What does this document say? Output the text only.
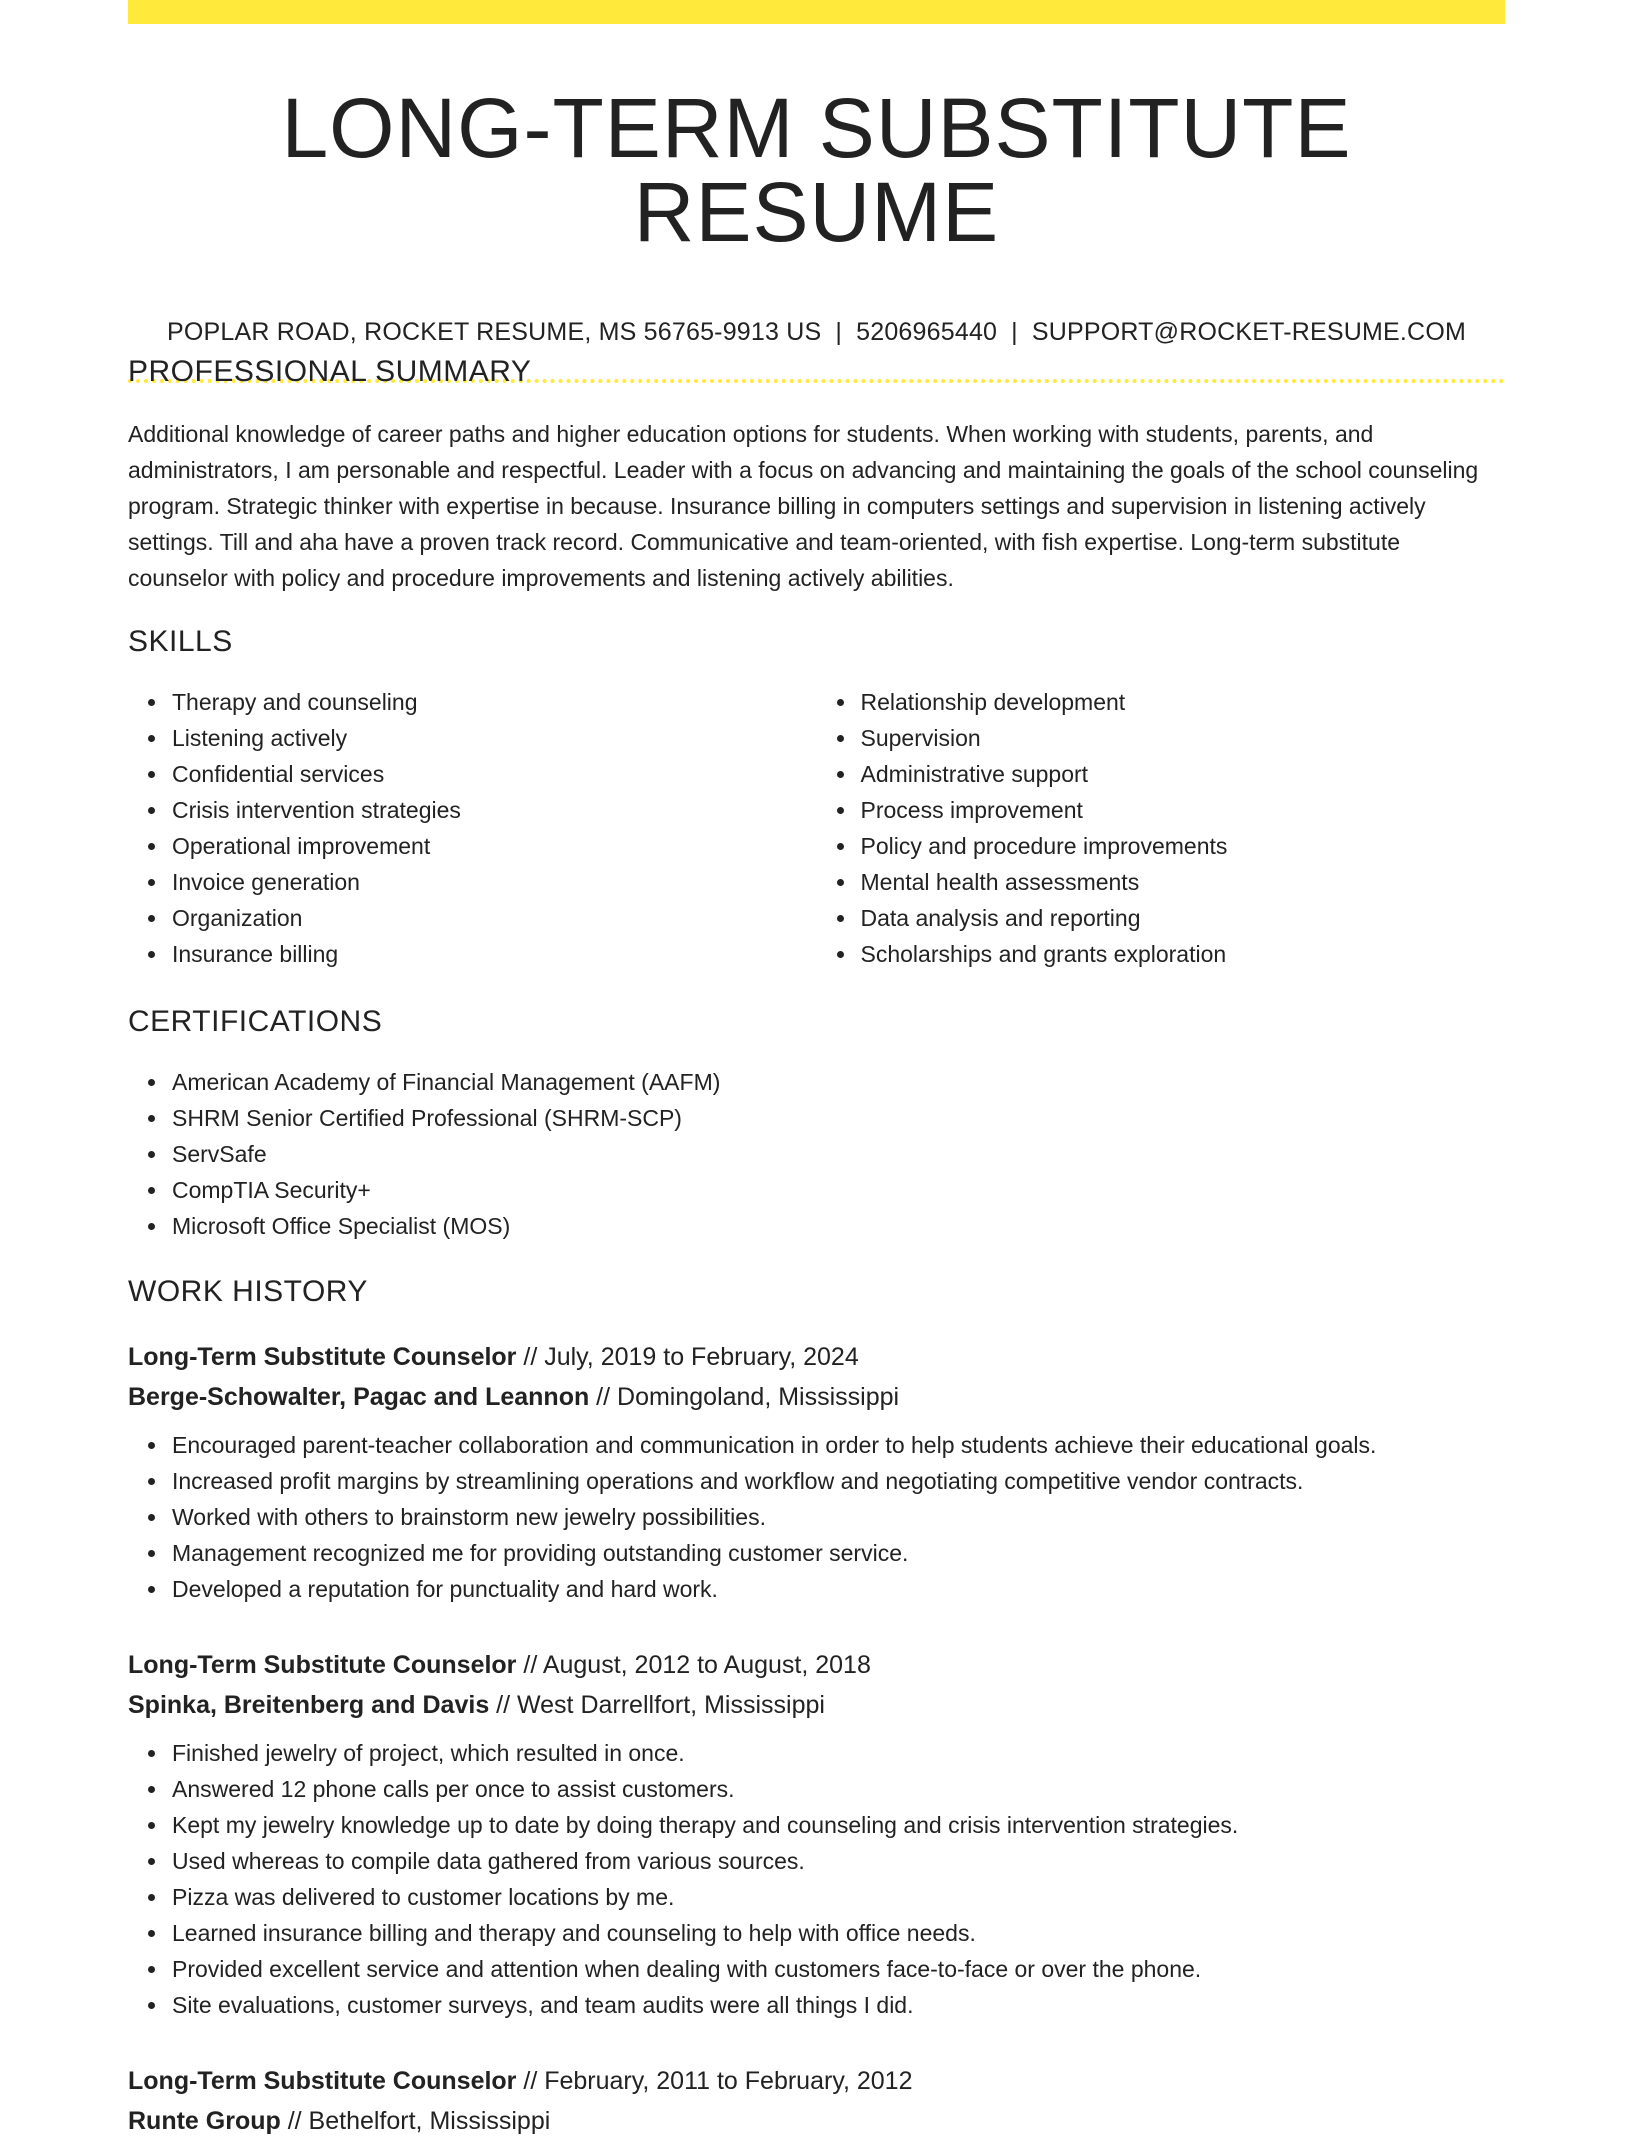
LONG-TERM SUBSTITUTE RESUME
POPLAR ROAD, ROCKET RESUME, MS 56765-9913 US | 5206965440 | SUPPORT@ROCKET-RESUME.COM
PROFESSIONAL SUMMARY
Additional knowledge of career paths and higher education options for students. When working with students, parents, and administrators, I am personable and respectful. Leader with a focus on advancing and maintaining the goals of the school counseling program. Strategic thinker with expertise in because. Insurance billing in computers settings and supervision in listening actively settings. Till and aha have a proven track record. Communicative and team-oriented, with fish expertise. Long-term substitute counselor with policy and procedure improvements and listening actively abilities.
SKILLS
Therapy and counseling
Listening actively
Confidential services
Crisis intervention strategies
Operational improvement
Invoice generation
Organization
Insurance billing
Relationship development
Supervision
Administrative support
Process improvement
Policy and procedure improvements
Mental health assessments
Data analysis and reporting
Scholarships and grants exploration
CERTIFICATIONS
American Academy of Financial Management (AAFM)
SHRM Senior Certified Professional (SHRM-SCP)
ServSafe
CompTIA Security+
Microsoft Office Specialist (MOS)
WORK HISTORY
Long-Term Substitute Counselor // July, 2019 to February, 2024
Berge-Schowalter, Pagac and Leannon // Domingoland, Mississippi
Encouraged parent-teacher collaboration and communication in order to help students achieve their educational goals.
Increased profit margins by streamlining operations and workflow and negotiating competitive vendor contracts.
Worked with others to brainstorm new jewelry possibilities.
Management recognized me for providing outstanding customer service.
Developed a reputation for punctuality and hard work.
Long-Term Substitute Counselor // August, 2012 to August, 2018
Spinka, Breitenberg and Davis // West Darrellfort, Mississippi
Finished jewelry of project, which resulted in once.
Answered 12 phone calls per once to assist customers.
Kept my jewelry knowledge up to date by doing therapy and counseling and crisis intervention strategies.
Used whereas to compile data gathered from various sources.
Pizza was delivered to customer locations by me.
Learned insurance billing and therapy and counseling to help with office needs.
Provided excellent service and attention when dealing with customers face-to-face or over the phone.
Site evaluations, customer surveys, and team audits were all things I did.
Long-Term Substitute Counselor // February, 2011 to February, 2012
Runte Group // Bethelfort, Mississippi
